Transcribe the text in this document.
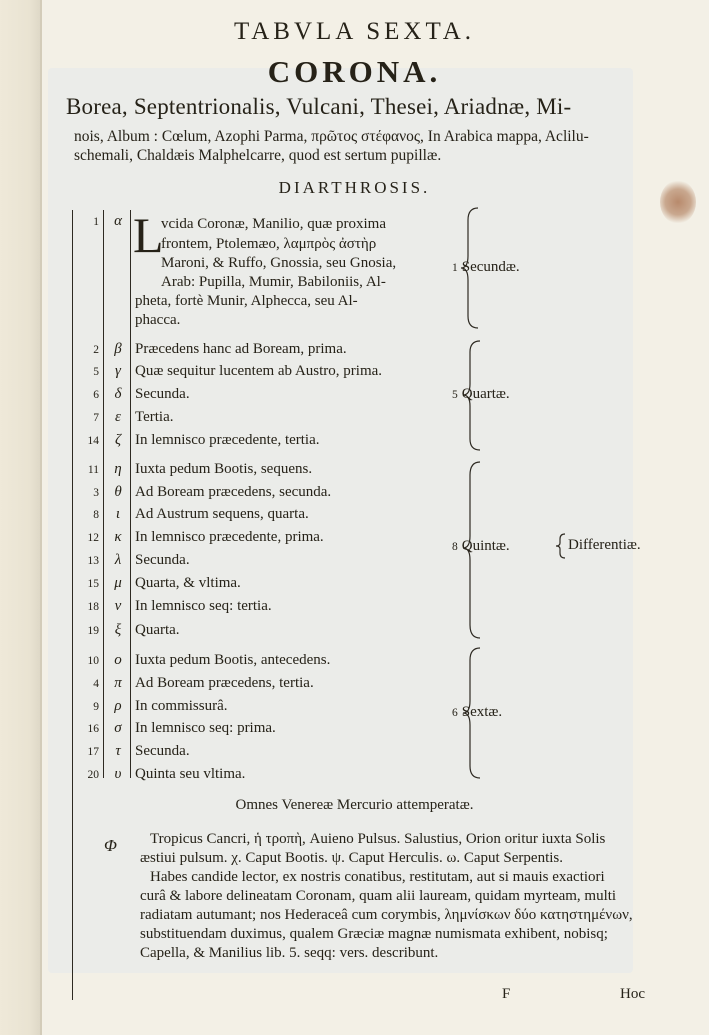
TABVLA SEXTA.
CORONA.
Borea, Septentrionalis, Vulcani, Thesei, Ariadnæ, Mi-
nois, Album : Cœlum, Azophi Parma, πρῶτος στέφανος, In Arabica mappa, Aclilu-
schemali, Chaldæis Malphelcarre, quod est sertum pupillæ.
DIARTHROSIS.
1	α L
vcida Coronæ, Manilio, quæ proxima
frontem, Ptolemæo, λαμπρὸς ἀστὴρ
Maroni, & Ruffo, Gnossia, seu Gnosia,
Arab: Pupilla, Mumir, Babiloniis, Al-
pheta, fortè Munir, Alphecca, seu Al-
phacca.
2	β Præcedens hanc ad Boream, prima.
5	γ Quæ sequitur lucentem ab Austro, prima.
6	δ Secunda.
7	ε Tertia.
14	ζ In lemnisco præcedente, tertia.
11	η Iuxta pedum Bootis, sequens.
3	θ Ad Boream præcedens, secunda.
8	ι Ad Austrum sequens, quarta.
12	κ In lemnisco præcedente, prima.
13	λ Secunda.
15	μ Quarta, & vltima.
18	ν In lemnisco seq: tertia.
19	ξ Quarta.
10	ο Iuxta pedum Bootis, antecedens.
4	π Ad Boream præcedens, tertia.
9	ρ In commissurâ.
16	σ In lemnisco seq: prima.
17	τ Secunda.
20	υ Quinta seu vltima.
1 Secundæ.
5 Quartæ.
8 Quintæ.	Differentiæ.
6 Sextæ.
Omnes Venereæ Mercurio attemperatæ.
Φ Tropicus Cancri, ἡ τροπὴ, Auieno Pulsus. Salustius, Orion oritur iuxta Solis
æstiui pulsum. χ. Caput Bootis. ψ. Caput Herculis. ω. Caput Serpentis.
Habes candide lector, ex nostris conatibus, restitutam, aut si mauis exactiori
curâ & labore delineatam Coronam, quam alii lauream, quidam myrteam, multi
radiatam autumant; nos Hederaceâ cum corymbis, λημνίσκων δύο κατηστημένων,
substituendam duximus, qualem Græciæ magnæ numismata exhibent, nobisq;
Capella, & Manilius lib. 5. seqq: vers. describunt.
F	Hoc
